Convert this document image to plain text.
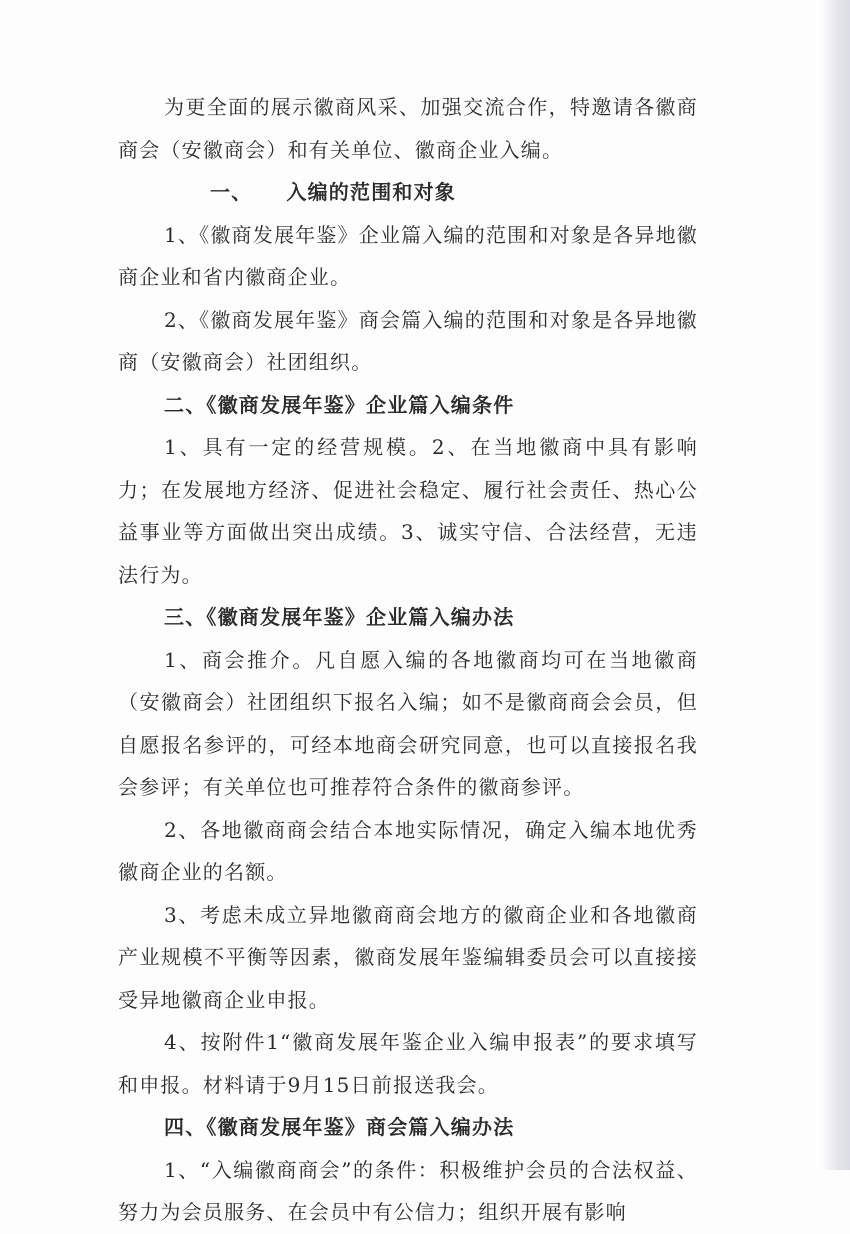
为更全面的展示徽商风采、加强交流合作，特邀请各徽商商会（安徽商会）和有关单位、徽商企业入编。

一、 入编的范围和对象

1、《徽商发展年鉴》企业篇入编的范围和对象是各异地徽商企业和省内徽商企业。

2、《徽商发展年鉴》商会篇入编的范围和对象是各异地徽商（安徽商会）社团组织。

二、《徽商发展年鉴》企业篇入编条件

1、具有一定的经营规模。2、在当地徽商中具有影响力；在发展地方经济、促进社会稳定、履行社会责任、热心公益事业等方面做出突出成绩。3、诚实守信、合法经营，无违法行为。

三、《徽商发展年鉴》企业篇入编办法

1、商会推介。凡自愿入编的各地徽商均可在当地徽商（安徽商会）社团组织下报名入编；如不是徽商商会会员，但自愿报名参评的，可经本地商会研究同意，也可以直接报名我会参评；有关单位也可推荐符合条件的徽商参评。

2、各地徽商商会结合本地实际情况，确定入编本地优秀徽商企业的名额。

3、考虑未成立异地徽商商会地方的徽商企业和各地徽商产业规模不平衡等因素，徽商发展年鉴编辑委员会可以直接接受异地徽商企业申报。

4、按附件1“徽商发展年鉴企业入编申报表”的要求填写和申报。材料请于9月15日前报送我会。

四、《徽商发展年鉴》商会篇入编办法

1、“入编徽商商会”的条件：积极维护会员的合法权益、努力为会员服务、在会员中有公信力；组织开展有影响
